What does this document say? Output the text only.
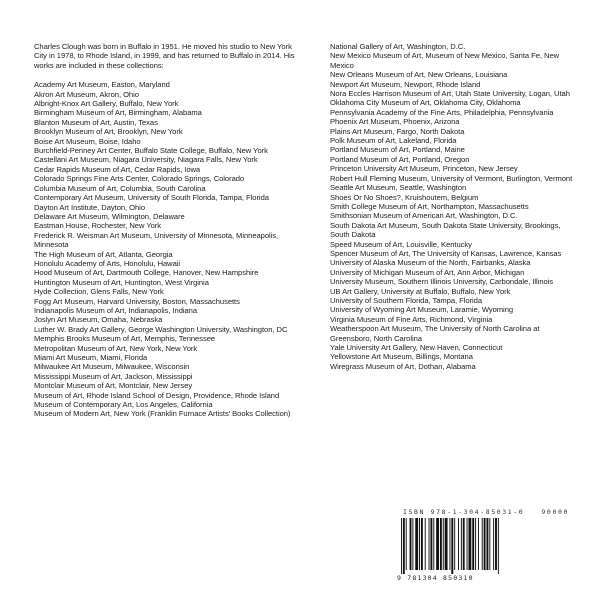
Charles Clough was born in Buffalo in 1951. He moved his studio to New York City in 1978, to Rhode Island, in 1999, and has returned to Buffalo in 2014. His works are included in these collections:

Academy Art Museum, Easton, Maryland

Akron Art Museum, Akron, Ohio

Albright-Knox Art Gallery, Buffalo, New York

Birmingham Museum of Art, Birmingham, Alabama

Blanton Museum of Art, Austin, Texas

Brooklyn Museum of Art, Brooklyn, New York

Boise Art Museum, Boise, Idaho

Burchfield-Penney Art Center, Buffalo State College, Buffalo, New York

Castellani Art Museum, Niagara University, Niagara Falls, New York

Cedar Rapids Museum of Art, Cedar Rapids, Iowa

Colorado Springs Fine Arts Center, Colorado Springs, Colorado

Columbia Museum of Art, Columbia, South Carolina

Contemporary Art Museum, University of South Florida, Tampa, Florida

Dayton Art Institute, Dayton, Ohio

Delaware Art Museum, Wilmington, Delaware

Eastman House, Rochester, New York

Frederick R. Weisman Art Museum, University of Minnesota, Minneapolis, Minnesota

The High Museum of Art, Atlanta, Georgia

Honolulu Academy of Arts, Honolulu, Hawaii

Hood Museum of Art, Dartmouth College, Hanover, New Hampshire

Huntington Museum of Art, Huntington, West Virginia

Hyde Collection, Glens Falls, New York

Fogg Art Museum, Harvard University, Boston, Massachusetts

Indianapolis Museum of Art, Indianapolis, Indiana

Joslyn Art Museum, Omaha, Nebraska

Luther W. Brady Art Gallery, George Washington University, Washington, DC

Memphis Brooks Museum of Art, Memphis, Tennessee

Metropolitan Museum of Art, New York, New York

Miami Art Museum, Miami, Florida

Milwaukee Art Museum, Milwaukee, Wisconsin

Mississippi Museum of Art, Jackson, Mississippi

Montclair Museum of Art, Montclair, New Jersey

Museum of Art, Rhode Island School of Design, Providence, Rhode Island

Museum of Contemporary Art, Los Angeles, California

Museum of Modern Art, New York (Franklin Furnace Artists' Books Collection)

National Gallery of Art, Washington, D.C.

New Mexico Museum of Art, Museum of New Mexico, Santa Fe, New Mexico

New Orleans Museum of Art, New Orleans, Louisiana

Newport Art Museum, Newport, Rhode Island

Nora Eccles Harrison Museum of Art, Utah State University, Logan, Utah

Oklahoma City Museum of Art, Oklahoma City, Oklahoma

Pennsylvania Academy of the Fine Arts, Philadelphia, Pennsylvania

Phoenix Art Museum, Phoenix, Arizona

Plains Art Museum, Fargo, North Dakota

Polk Museum of Art, Lakeland, Florida

Portland Museum of Art, Portland, Maine

Portland Museum of Art, Portland, Oregon

Princeton University Art Museum, Princeton, New Jersey

Robert Hull Fleming Museum, University of Vermont, Burlington, Vermont

Seattle Art Museum, Seattle, Washington

Shoes Or No Shoes?, Kruishoutem, Belgium

Smith College Museum of Art, Northampton, Massachusetts

Smithsonian Museum of American Art, Washington, D.C.

South Dakota Art Museum, South Dakota State University, Brookings, South Dakota

Speed Museum of Art, Louisville, Kentucky

Spencer Museum of Art, The University of Kansas, Lawrence, Kansas

University of Alaska Museum of the North, Fairbanks, Alaska

University of Michigan Museum of Art, Ann Arbor, Michigan

University Museum, Southern Illinois University, Carbondale, Illinois

UB Art Gallery, University at Buffalo, Buffalo, New York

University of Southern Florida, Tampa, Florida

University of Wyoming Art Museum, Laramie, Wyoming

Virginia Museum of Fine Arts, Richmond, Virginia

Weatherspoon Art Museum, The University of North Carolina at Greensboro, North Carolina

Yale University Art Gallery, New Haven, Connecticut

Yellowstone Art Museum, Billings, Montana

Wiregrass Museum of Art, Dothan, Alabama

ISBN 978-1-304-85031-0	90000
9 781304 850310
